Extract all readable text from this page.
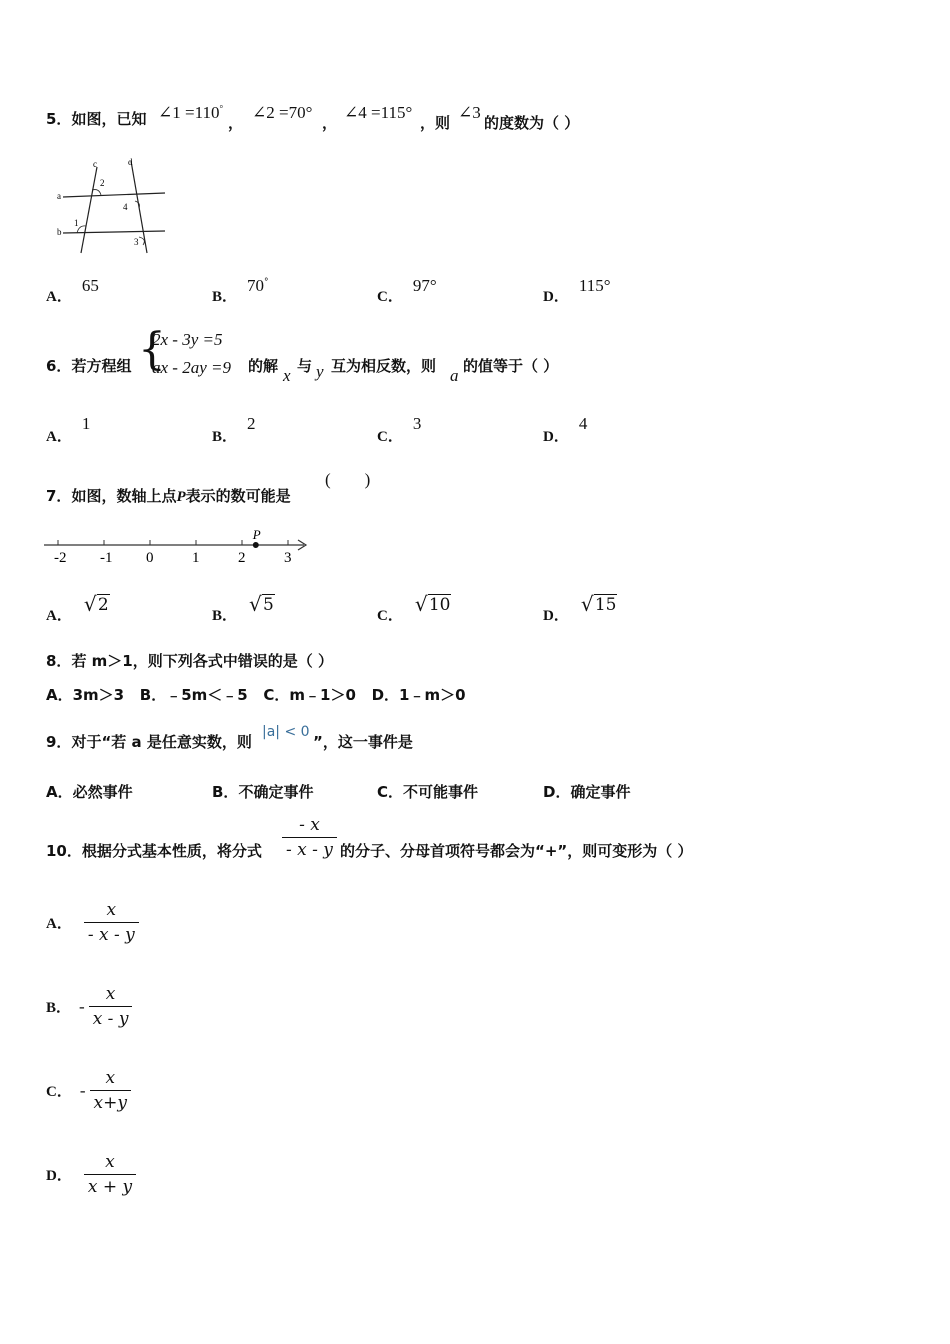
5．如图，已知 ∠1 =110°
，
∠2 =70°
，
∠4 =115°
，则
∠3
的度数为（ ）
c	d
a
b
2
1
4
3
A．65
B．70°
C．97°
D．115°
6．若方程组 {
2x - 3y =5
ax - 2ay =9 的解 x 与 y 互为相反数，则 a 的值等于（ ）
A．1
B．2
C．3
D．4
7．如图，数轴上点P表示的数可能是
(        )
-2 -1 0	1	2	3
P
A． √ 2
B． √ 5
C． √ 10
D． √ 15
8．若 m＞1，则下列各式中错误的是（ ）
A．3m＞3   B．﹣5m＜﹣5   C．m﹣1＞0   D．1﹣m＞0
9．对于“若 a 是任意实数，则
|a| < 0
”，这一事件是
A．必然事件	B．不确定事件	C．不可能事件	D．确定事件
10．根据分式基本性质，将分式 $\frac{- x}{- x - y}$ 的分子、分母首项符号都会为“+”，则可变形为（ ）
A． $\frac{x}{- x - y}$
B． - $\frac{x}{x - y}$
C． - $\frac{x}{x+y}$
D． $\frac{x}{x + y}$
